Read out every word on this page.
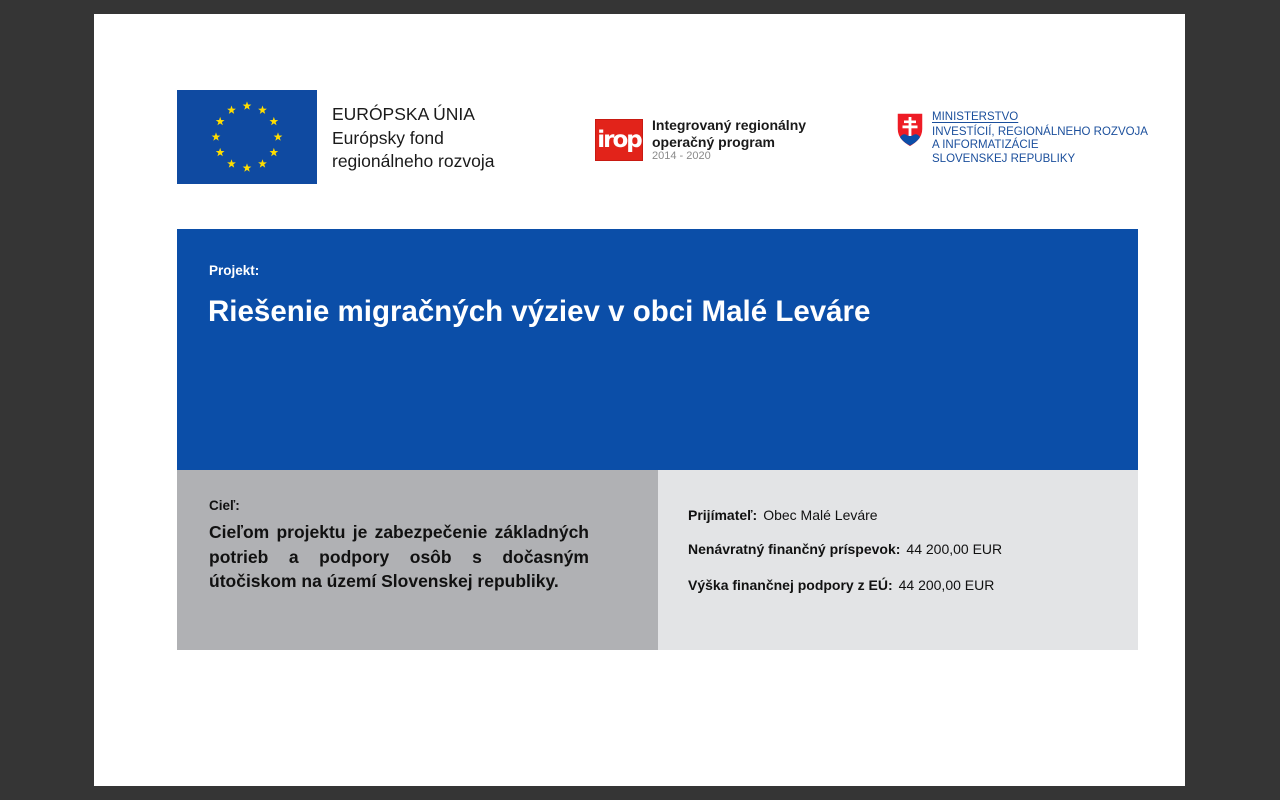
EURÓPSKA ÚNIA
Európsky fond
regionálneho rozvoja
irop
Integrovaný regionálny
operačný program
2014 - 2020
MINISTERSTVO
INVESTÍCIÍ, REGIONÁLNEHO ROZVOJA
A INFORMATIZÁCIE
SLOVENSKEJ REPUBLIKY
Projekt:
Riešenie migračných výziev v obci Malé Leváre
Cieľ:
Cieľom projektu je zabezpečenie základných potrieb a podpory osôb s dočasným útočiskom na území Slovenskej republiky.
Prijímateľ: Obec Malé Leváre
Nenávratný finančný príspevok: 44 200,00 EUR
Výška finančnej podpory z EÚ: 44 200,00 EUR
